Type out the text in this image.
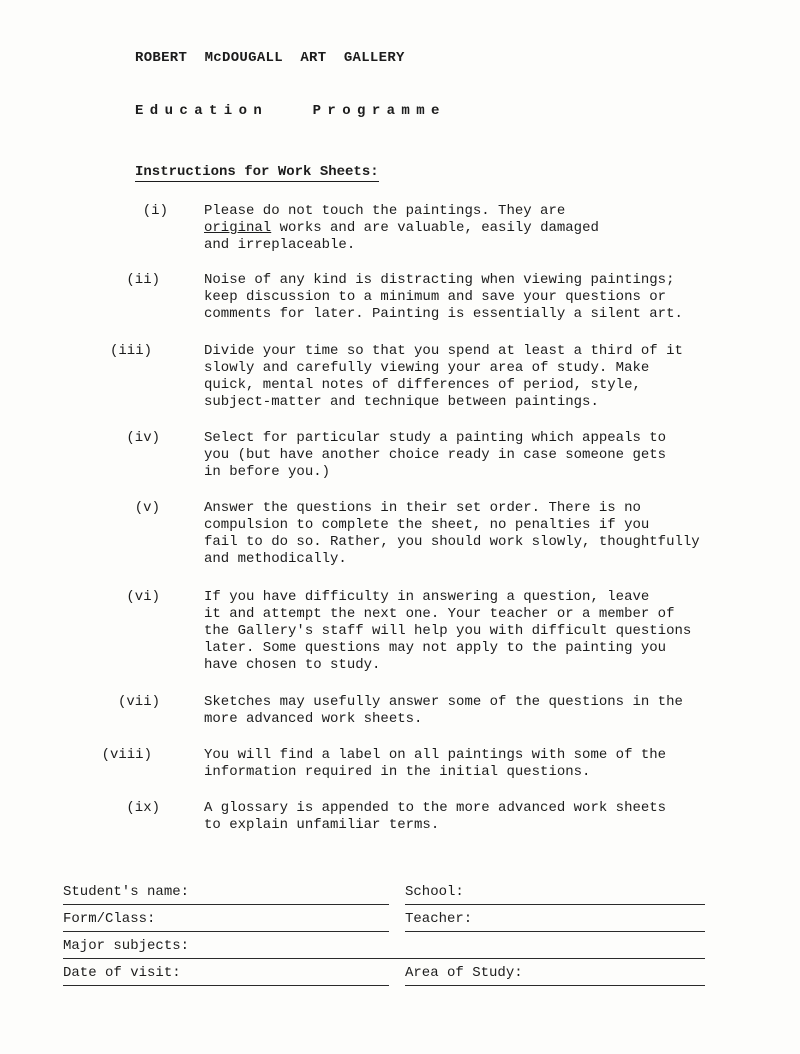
ROBERT  McDOUGALL  ART  GALLERY
Education   Programme
Instructions for Work Sheets:
(i)	Please do not touch the paintings. They are
original works and are valuable, easily damaged
and irreplaceable.
(ii)	Noise of any kind is distracting when viewing paintings;
keep discussion to a minimum and save your questions or
comments for later. Painting is essentially a silent art.
(iii)	Divide your time so that you spend at least a third of it
slowly and carefully viewing your area of study. Make
quick, mental notes of differences of period, style,
subject-matter and technique between paintings.
(iv)	Select for particular study a painting which appeals to
you (but have another choice ready in case someone gets
in before you.)
(v)	Answer the questions in their set order. There is no
compulsion to complete the sheet, no penalties if you
fail to do so. Rather, you should work slowly, thoughtfully
and methodically.
(vi)	If you have difficulty in answering a question, leave
it and attempt the next one. Your teacher or a member of
the Gallery's staff will help you with difficult questions
later. Some questions may not apply to the painting you
have chosen to study.
(vii)	Sketches may usefully answer some of the questions in the
more advanced work sheets.
(viii)	You will find a label on all paintings with some of the
information required in the initial questions.
(ix)	A glossary is appended to the more advanced work sheets
to explain unfamiliar terms.
Student's name:	School:
Form/Class:	Teacher:
Major subjects:
Date of visit:	Area of Study:
